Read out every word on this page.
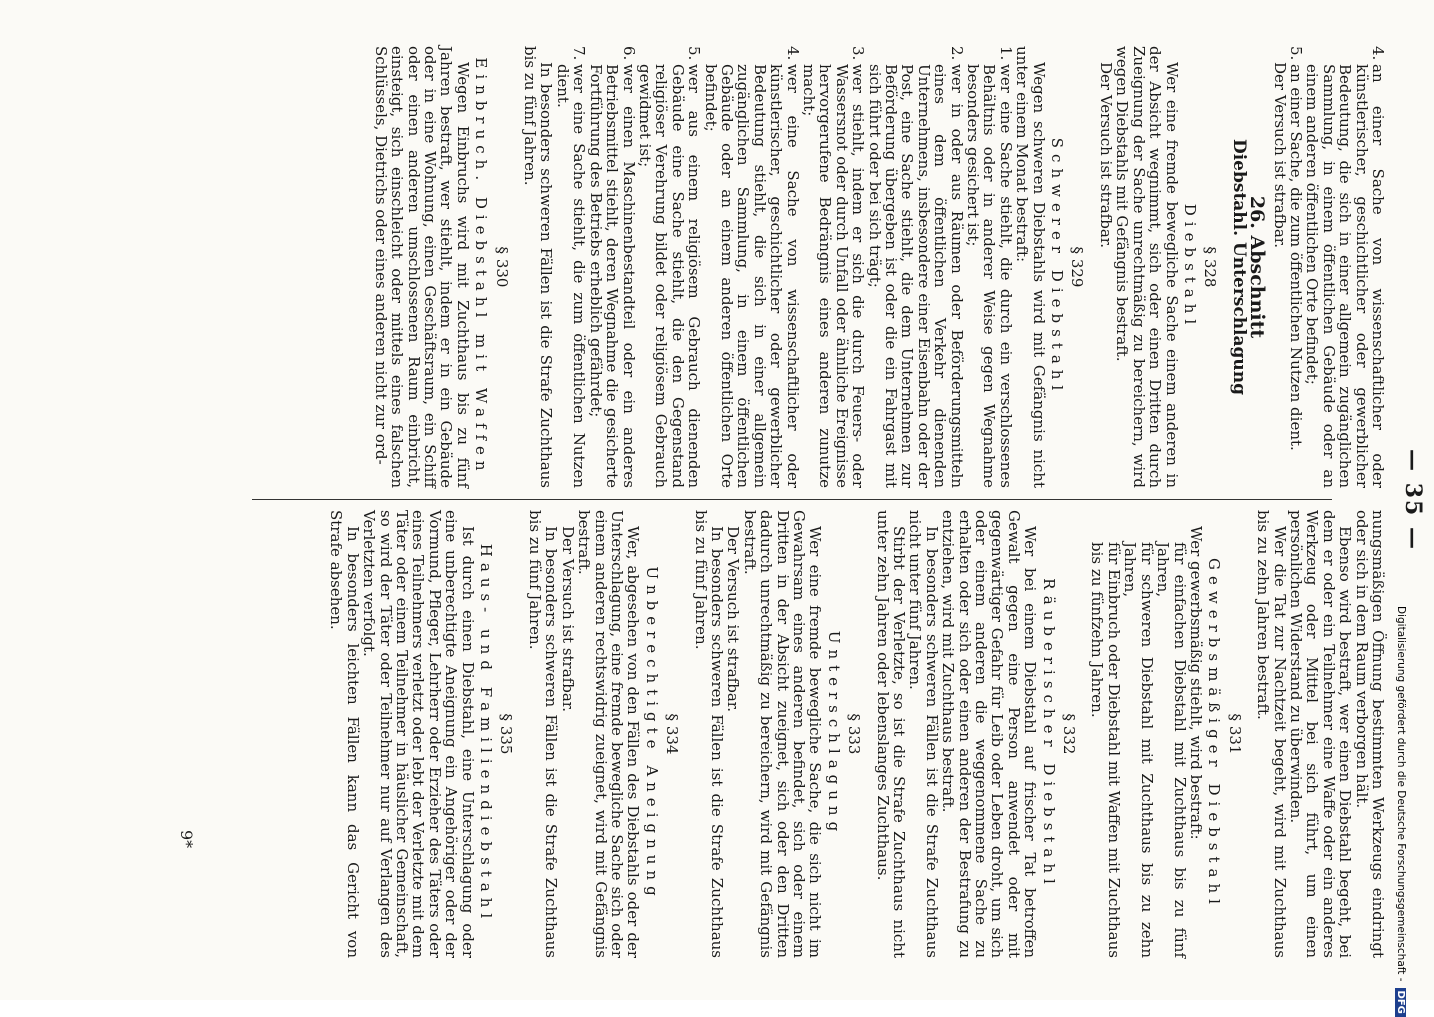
— 35 —
4.
an einer Sache von wissenschaftlicher oder künstlerischer, geschichtlicher oder gewerblicher Bedeutung, die sich in einer allgemein zugänglichen Sammlung, in einem öffentlichen Gebäude oder an einem anderen öffentlichen Orte befindet;
5.
an einer Sache, die zum öffentlichen Nutzen dient.

Der Versuch ist strafbar.

26. Abschnitt

Diebstahl. Unterschlagung

§ 328

Diebstahl

Wer eine fremde bewegliche Sache einem anderen in der Absicht wegnimmt, sich oder einen Dritten durch Zueignung der Sache unrechtmäßig zu bereichern, wird wegen Diebstahls mit Gefängnis bestraft.

Der Versuch ist strafbar.

§ 329

Schwerer Diebstahl

Wegen schweren Diebstahls wird mit Gefängnis nicht unter einem Monat bestraft:

1.
wer eine Sache stiehlt, die durch ein verschlossenes Behältnis oder in anderer Weise gegen Wegnahme besonders gesichert ist;
2.
wer in oder aus Räumen oder Beförderungsmitteln eines dem öffentlichen Verkehr dienenden Unternehmens, insbesondere einer Eisenbahn oder der Post, eine Sache stiehlt, die dem Unternehmen zur Beförderung übergeben ist oder die ein Fahrgast mit sich führt oder bei sich trägt;
3.
wer stiehlt, indem er sich die durch Feuers- oder Wassersnot oder durch Unfall oder ähnliche Ereignisse hervorgerufene Bedrängnis eines anderen zunutze macht;
4.
wer eine Sache von wissenschaftlicher oder künstlerischer, geschichtlicher oder gewerblicher Bedeutung stiehlt, die sich in einer allgemein zugänglichen Sammlung, in einem öffentlichen Gebäude oder an einem anderen öffentlichen Orte befindet;
5.
wer aus einem religiösem Gebrauch dienenden Gebäude eine Sache stiehlt, die den Gegenstand religiöser Verehrung bildet oder religiösem Gebrauch gewidmet ist;
6.
wer einen Maschinenbestandteil oder ein anderes Betriebsmittel stiehlt, deren Wegnahme die gesicherte Fortführung des Betriebs erheblich gefährdet;
7.
wer eine Sache stiehlt, die zum öffentlichen Nutzen dient.

In besonders schweren Fällen ist die Strafe Zuchthaus bis zu fünf Jahren.

§ 330

Einbruch. Diebstahl mit Waffen

Wegen Einbruchs wird mit Zuchthaus bis zu fünf Jahren bestraft, wer stiehlt, indem er in ein Gebäude oder in eine Wohnung, einen Geschäftsraum, ein Schiff oder einen anderen umschlossenen Raum einbricht, einsteigt, sich einschleicht oder mittels eines falschen Schlüssels, Dietrichs oder eines anderen nicht zur ord-

nungsmäßigen Öffnung bestimmten Werkzeugs eindringt oder sich in dem Raum verborgen hält.

Ebenso wird bestraft, wer einen Diebstahl begeht, bei dem er oder ein Teilnehmer eine Waffe oder ein anderes Werkzeug oder Mittel bei sich führt, um einen persönlichen Widerstand zu überwinden.

Wer die Tat zur Nachtzeit begeht, wird mit Zuchthaus bis zu zehn Jahren bestraft.

§ 331

Gewerbsmäßiger Diebstahl

Wer gewerbsmäßig stiehlt, wird bestraft:

für einfachen Diebstahl mit Zuchthaus bis zu fünf Jahren,

für schweren Diebstahl mit Zuchthaus bis zu zehn Jahren,

für Einbruch oder Diebstahl mit Waffen mit Zuchthaus bis zu fünfzehn Jahren.

§ 332

Räuberischer Diebstahl

Wer bei einem Diebstahl auf frischer Tat betroffen Gewalt gegen eine Person anwendet oder mit gegenwärtiger Gefahr für Leib oder Leben droht, um sich oder einem anderen die weggenommene Sache zu erhalten oder sich oder einen anderen der Bestrafung zu entziehen, wird mit Zuchthaus bestraft.

In besonders schweren Fällen ist die Strafe Zuchthaus nicht unter fünf Jahren.

Stirbt der Verletzte, so ist die Strafe Zuchthaus nicht unter zehn Jahren oder lebenslanges Zuchthaus.

§ 333

Unterschlagung

Wer eine fremde bewegliche Sache, die sich nicht im Gewahrsam eines anderen befindet, sich oder einem Dritten in der Absicht zueignet, sich oder den Dritten dadurch unrechtmäßig zu bereichern, wird mit Gefängnis bestraft.

Der Versuch ist strafbar.

In besonders schweren Fällen ist die Strafe Zuchthaus bis zu fünf Jahren.

§ 334

Unberechtigte Aneignung

Wer, abgesehen von den Fällen des Diebstahls oder der Unterschlagung, eine fremde bewegliche Sache sich oder einem anderen rechtswidrig zueignet, wird mit Gefängnis bestraft.

Der Versuch ist strafbar.

In besonders schweren Fällen ist die Strafe Zuchthaus bis zu fünf Jahren.

§ 335

Haus- und Familiendiebstahl

Ist durch einen Diebstahl, eine Unterschlagung oder eine unberechtigte Aneignung ein Angehöriger oder der Vormund, Pfleger, Lehrherr oder Erzieher des Täters oder eines Teilnehmers verletzt oder lebt der Verletzte mit dem Täter oder einem Teilnehmer in häuslicher Gemeinschaft, so wird der Täter oder Teilnehmer nur auf Verlangen des Verletzten verfolgt.

In besonders leichten Fällen kann das Gericht von Strafe absehen.

9*	Digitalisierung gefördert durch die Deutsche Forschungsgemeinschaft -DFG
